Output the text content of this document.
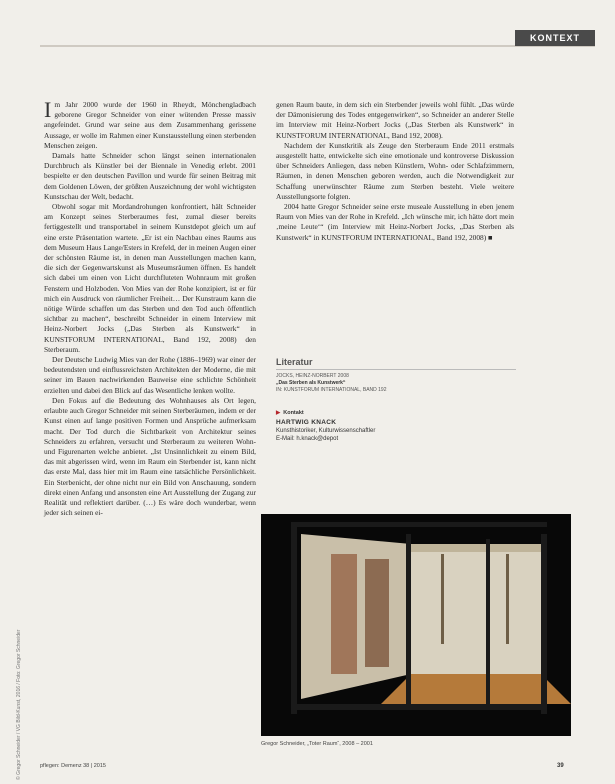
KONTEXT

Im Jahr 2000 wurde der 1960 in Rheydt, Mönchengladbach geborene Gregor Schneider von einer wütenden Presse massiv angefeindet. Grund war seine aus dem Zusammenhang gerissene Aussage, er wolle im Rahmen einer Kunstausstellung einen sterbenden Menschen zeigen.

Damals hatte Schneider schon längst seinen internationalen Durchbruch als Künstler bei der Biennale in Venedig erlebt. 2001 bespielte er den deutschen Pavillon und wurde für seinen Beitrag mit dem Goldenen Löwen, der größten Auszeichnung der wohl wichtigsten Kunstschau der Welt, bedacht.

Obwohl sogar mit Mordandrohungen konfrontiert, hält Schneider am Konzept seines Sterberaumes fest, zumal dieser bereits fertiggestellt und transportabel in seinem Kunstdepot gleich um auf eine erste Präsentation wartete. „Er ist ein Nachbau eines Raums aus dem Museum Haus Lange/Esters in Krefeld, der in meinen Augen einer der schönsten Räume ist, in denen man Ausstellungen machen kann, die sich der Gegenwartskunst als Museumsräumen öffnen. Es handelt sich dabei um einen von Licht durchfluteten Wohnraum mit großen Fenstern und Holzboden. Von Mies van der Rohe konzipiert, ist er für mich ein Ausdruck von räumlicher Freiheit… Der Kunstraum kann die nötige Würde schaffen um das Sterben und den Tod auch öffentlich sichtbar zu machen“, beschreibt Schneider in einem Interview mit Heinz-Norbert Jocks („Das Sterben als Kunstwerk“ in KUNSTFORUM INTERNATIONAL, Band 192, 2008) den Sterberaum.

Der Deutsche Ludwig Mies van der Rohe (1886–1969) war einer der bedeutendsten und einflussreichsten Architekten der Moderne, die mit seiner im Bauen nachwirkenden Bauweise eine schlichte Schönheit erzielten und dabei den Blick auf das Wesentliche lenken wollte.

Den Fokus auf die Bedeutung des Wohnhauses als Ort legen, erlaubte auch Gregor Schneider mit seinen Sterberäumen, indem er der Kunst einen auf lange positiven Formen und Ansprüche aufmerksam macht. Der Tod durch die Sichtbarkeit von Architektur seines Schneiders zu erfahren, versucht und Sterberaum zu weiteren Wohn- und Figurenarten welche anbietet. „Ist Unsinnlichkeit zu einem Bild, das mit abgerissen wird, wenn im Raum ein Sterbender ist, kann nicht das erste Mal, dass hier mit im Raum eine tatsächliche Persönlichkeit. Ein Sterbenicht, der ohne nicht nur ein Bild von Anschauung, sondern direkt einen Anfang und ansonsten eine Art Ausstellung der Zugang zur Realität und reflektiert darüber. (…) Es wäre doch wunderbar, wenn jeder sich seinen ei-

genen Raum baute, in dem sich ein Sterbender jeweils wohl fühlt. „Das würde der Dämonisierung des Todes entgegenwirken“, so Schneider an anderer Stelle im Interview mit Heinz-Norbert Jocks („Das Sterben als Kunstwerk“ in KUNSTFORUM INTERNATIONAL, Band 192, 2008).

Nachdem der Kunstkritik als Zeuge den Sterberaum Ende 2011 erstmals ausgestellt hatte, entwickelte sich eine emotionale und kontroverse Diskussion über Schneiders Anliegen, dass neben Künstlern, Wohn- oder Schlafzimmern, Räumen, in denen Menschen geboren werden, auch die Notwendigkeit zur Schaffung unerwünschter Räume zum Sterben besteht. Viele weitere Ausstellungsorte folgten.

2004 hatte Gregor Schneider seine erste museale Ausstellung in eben jenem Raum von Mies van der Rohe in Krefeld. „Ich wünsche mir, ich hätte dort mein ‚meine Leute‘“ (im Interview mit Heinz-Norbert Jocks, „Das Sterben als Kunstwerk“ in KUNSTFORUM INTERNATIONAL, Band 192, 2008) ■

Literatur
JOCKS, HEINZ-NORBERT 2008
„Das Sterben als Kunstwerk“
IN: KUNSTFORUM INTERNATIONAL, BAND 192
▶ Kontakt
HARTWIG KNACK
Kunsthistoriker, Kulturwissenschaftler
E-Mail: h.knack@depot
Gregor Schneider, „Toter Raum“, 2008 – 2001
pflegen: Demenz 38 | 2015	39
© Gregor Schneider / VG Bild-Kunst, 2016 / Foto: Gregor Schneider
